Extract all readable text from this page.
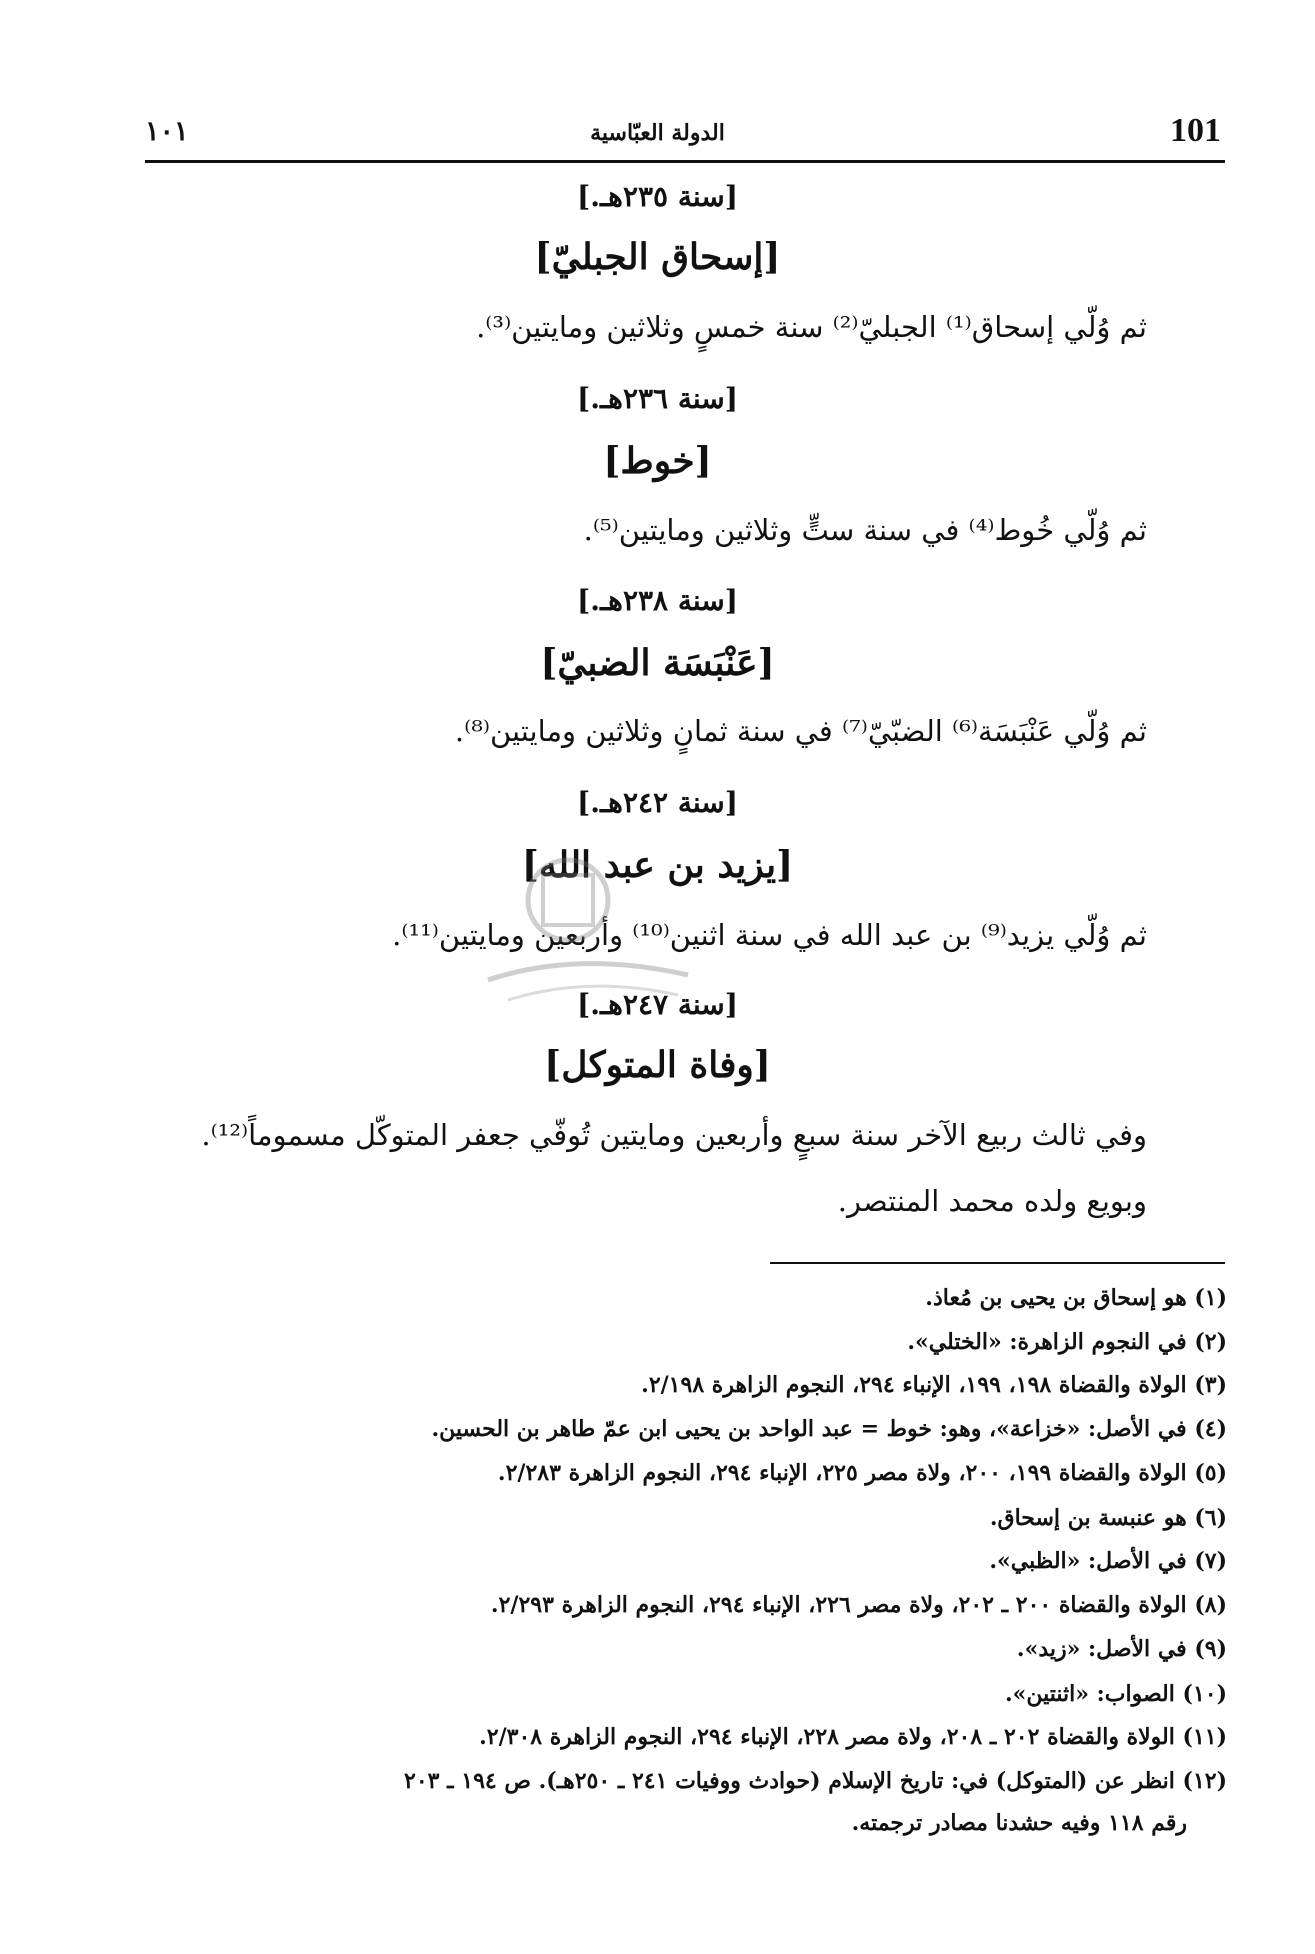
101
الدولة العبّاسية
١٠١
[سنة ٢٣٥هـ.]
[إسحاق الجبليّ]
ثم وُلّي إسحاق⁽¹⁾ الجبليّ⁽²⁾ سنة خمسٍ وثلاثين ومايتين⁽³⁾.
[سنة ٢٣٦هـ.]
[خوط]
ثم وُلّي خُوط⁽⁴⁾ في سنة ستٍّ وثلاثين ومايتين⁽⁵⁾.
[سنة ٢٣٨هـ.]
[عَنْبَسَة الضبيّ]
ثم وُلّي عَنْبَسَة⁽⁶⁾ الضبّيّ⁽⁷⁾ في سنة ثمانٍ وثلاثين ومايتين⁽⁸⁾.
[سنة ٢٤٢هـ.]
[يزيد بن عبد الله]
ثم وُلّي يزيد⁽⁹⁾ بن عبد الله في سنة اثنين⁽¹⁰⁾ وأربعين ومايتين⁽¹¹⁾.
[سنة ٢٤٧هـ.]
[وفاة المتوكل]
وفي ثالث ربيع الآخر سنة سبعٍ وأربعين ومايتين تُوفّي جعفر المتوكّل مسموماً⁽¹²⁾.
وبويع ولده محمد المنتصر.
(١) هو إسحاق بن يحيى بن مُعاذ.
(٢) في النجوم الزاهرة: «الختلي».
(٣) الولاة والقضاة ١٩٨، ١٩٩، الإنباء ٢٩٤، النجوم الزاهرة ٢/١٩٨.
(٤) في الأصل: «خزاعة»، وهو: خوط = عبد الواحد بن يحيى ابن عمّ طاهر بن الحسين.
(٥) الولاة والقضاة ١٩٩، ٢٠٠، ولاة مصر ٢٢٥، الإنباء ٢٩٤، النجوم الزاهرة ٢/٢٨٣.
(٦) هو عنبسة بن إسحاق.
(٧) في الأصل: «الظبي».
(٨) الولاة والقضاة ٢٠٠ ـ ٢٠٢، ولاة مصر ٢٢٦، الإنباء ٢٩٤، النجوم الزاهرة ٢/٢٩٣.
(٩) في الأصل: «زيد».
(١٠) الصواب: «اثنتين».
(١١) الولاة والقضاة ٢٠٢ ـ ٢٠٨، ولاة مصر ٢٢٨، الإنباء ٢٩٤، النجوم الزاهرة ٢/٣٠٨.
(١٢) انظر عن (المتوكل) في: تاريخ الإسلام (حوادث ووفيات ٢٤١ ـ ٢٥٠هـ). ص ١٩٤ ـ ٢٠٣
رقم ١١٨ وفيه حشدنا مصادر ترجمته.
